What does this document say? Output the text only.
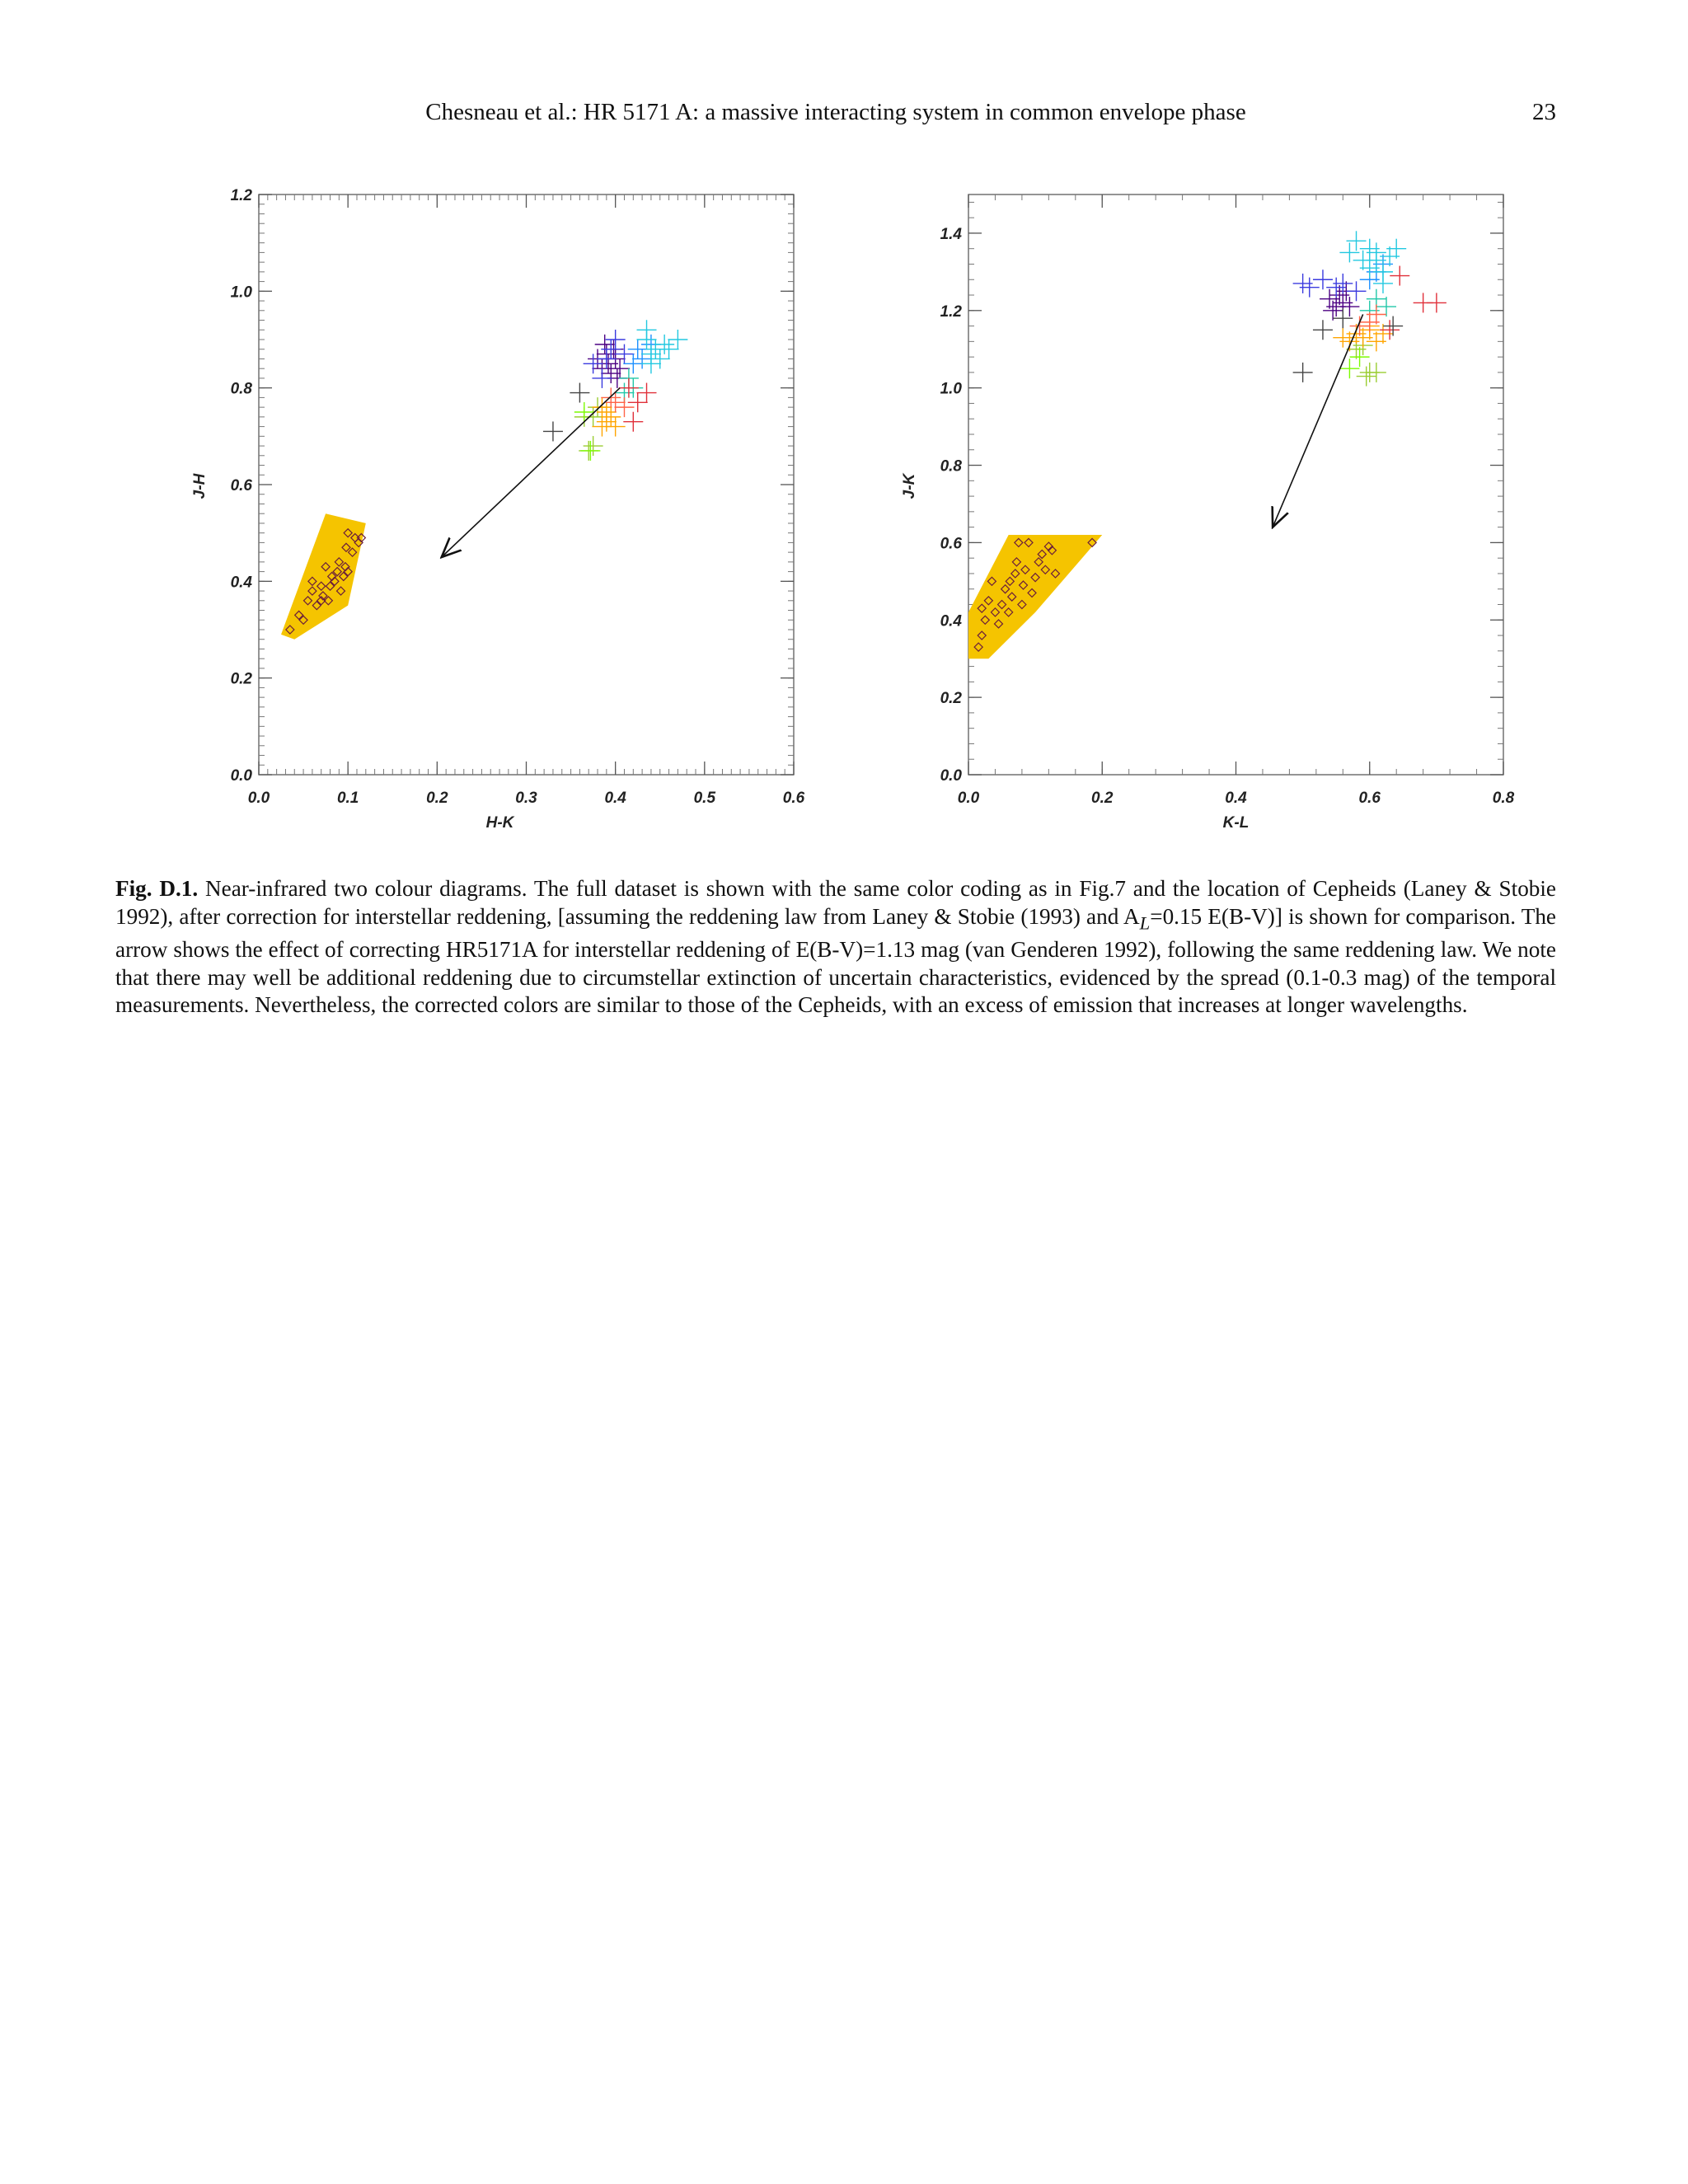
Chesneau et al.: HR 5171 A: a massive interacting system in common envelope phase	23
0.0	0.1	0.2	0.3	0.4	0.5	0.6
0.0
0.2
0.4
0.6
0.8
1.0
1.2
H-K
J-H
0.0	0.2	0.4	0.6	0.8
0.0
0.2
0.4
0.6
0.8
1.0
1.2
1.4
K-L
J-K
Fig. D.1. Near-infrared two colour diagrams. The full dataset is shown with the same color coding as in Fig.7 and the location of Cepheids (Laney & Stobie 1992), after correction for interstellar reddening, [assuming the reddening law from Laney & Stobie (1993) and $A_L=0.15$ E(B-V)] is shown for comparison. The arrow shows the effect of correcting HR5171A for interstellar reddening of E(B-V)=1.13 mag (van Genderen 1992), following the same reddening law. We note that there may well be additional reddening due to circumstellar extinction of uncertain characteristics, evidenced by the spread (0.1-0.3 mag) of the temporal measurements. Nevertheless, the corrected colors are similar to those of the Cepheids, with an excess of emission that increases at longer wavelengths.
